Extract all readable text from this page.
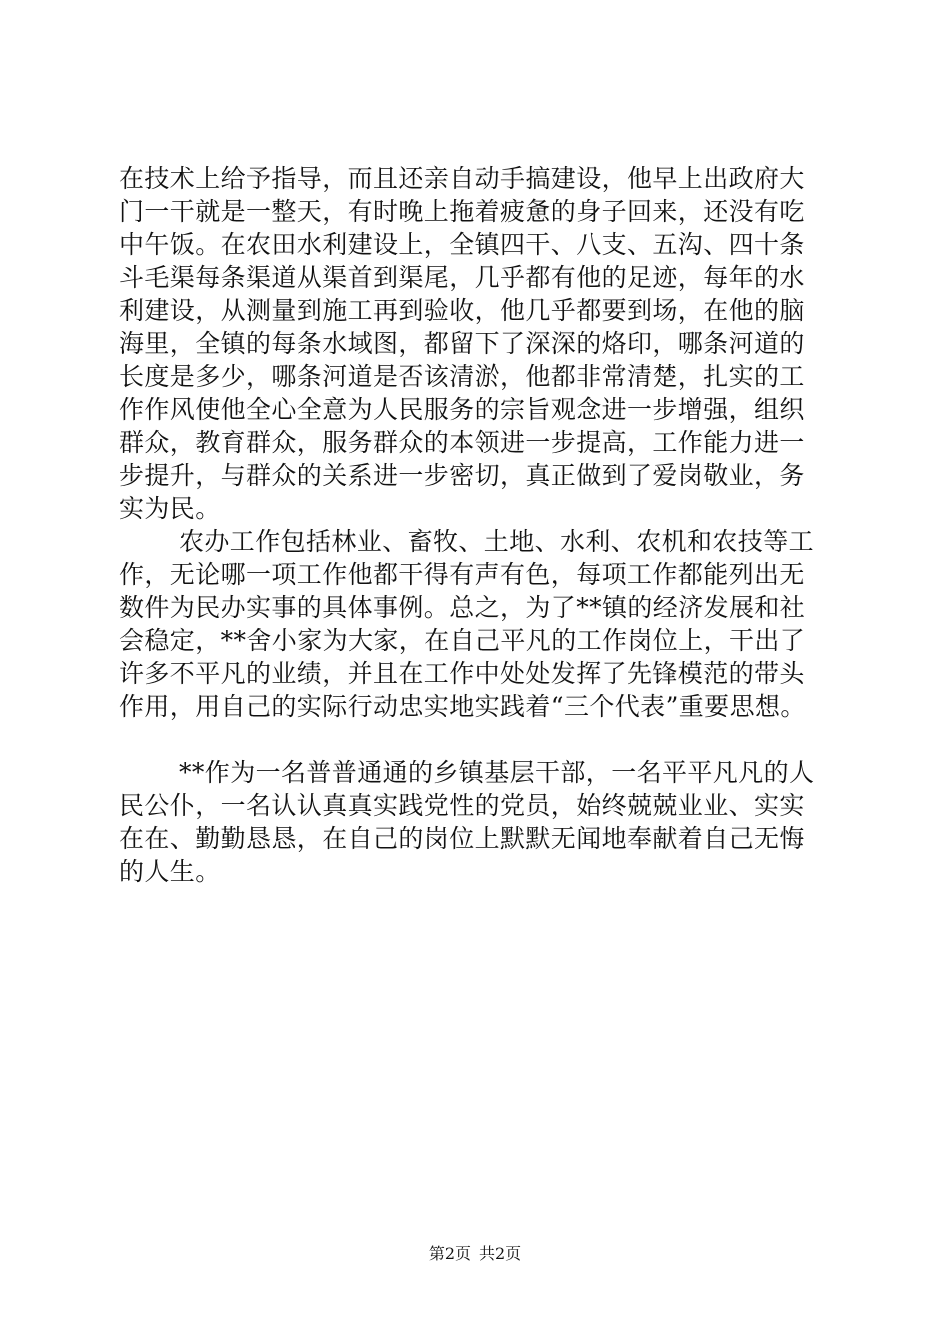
在技术上给予指导，而且还亲自动手搞建设，他早上出政府大
门一干就是一整天，有时晚上拖着疲惫的身子回来，还没有吃
中午饭。在农田水利建设上，全镇四干、八支、五沟、四十条
斗毛渠每条渠道从渠首到渠尾，几乎都有他的足迹，每年的水
利建设，从测量到施工再到验收，他几乎都要到场，在他的脑
海里，全镇的每条水域图，都留下了深深的烙印，哪条河道的
长度是多少，哪条河道是否该清淤，他都非常清楚，扎实的工
作作风使他全心全意为人民服务的宗旨观念进一步增强，组织
群众，教育群众，服务群众的本领进一步提高，工作能力进一
步提升，与群众的关系进一步密切，真正做到了爱岗敬业，务
实为民。
农办工作包括林业、畜牧、土地、水利、农机和农技等工
作，无论哪一项工作他都干得有声有色，每项工作都能列出无
数件为民办实事的具体事例。总之，为了**镇的经济发展和社
会稳定，**舍小家为大家，在自己平凡的工作岗位上，干出了
许多不平凡的业绩，并且在工作中处处发挥了先锋模范的带头
作用，用自己的实际行动忠实地实践着“三个代表”重要思想。
**作为一名普普通通的乡镇基层干部，一名平平凡凡的人
民公仆，一名认认真真实践党性的党员，始终兢兢业业、实实
在在、勤勤恳恳，在自己的岗位上默默无闻地奉献着自己无悔
的人生。
第2页 共2页
